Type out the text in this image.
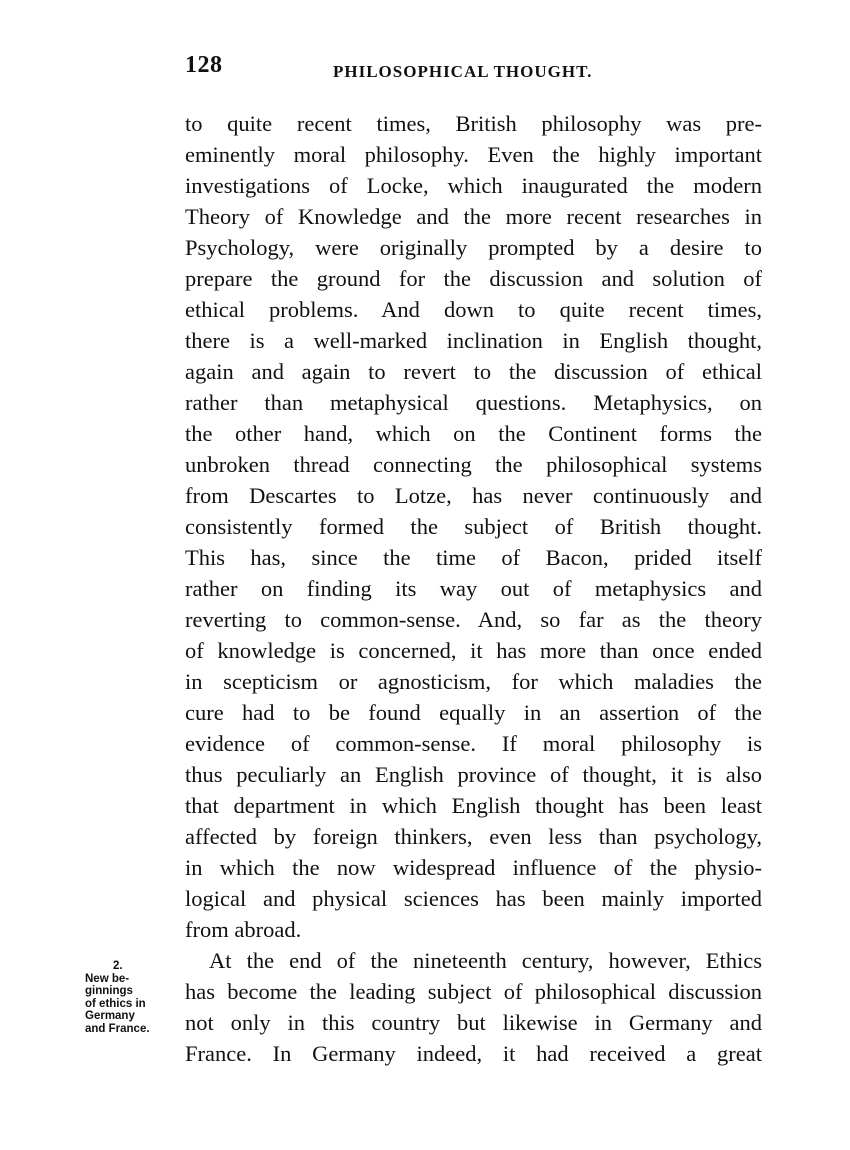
128	PHILOSOPHICAL THOUGHT.
to quite recent times, British philosophy was pre-
eminently moral philosophy. Even the highly important
investigations of Locke, which inaugurated the modern
Theory of Knowledge and the more recent researches in
Psychology, were originally prompted by a desire to
prepare the ground for the discussion and solution of
ethical problems. And down to quite recent times,
there is a well-marked inclination in English thought,
again and again to revert to the discussion of ethical
rather than metaphysical questions. Metaphysics, on
the other hand, which on the Continent forms the
unbroken thread connecting the philosophical systems
from Descartes to Lotze, has never continuously and
consistently formed the subject of British thought.
This has, since the time of Bacon, prided itself
rather on finding its way out of metaphysics and
reverting to common-sense. And, so far as the theory
of knowledge is concerned, it has more than once ended
in scepticism or agnosticism, for which maladies the
cure had to be found equally in an assertion of the
evidence of common-sense. If moral philosophy is
thus peculiarly an English province of thought, it is also
that department in which English thought has been least
affected by foreign thinkers, even less than psychology,
in which the now widespread influence of the physio-
logical and physical sciences has been mainly imported
from abroad.
At the end of the nineteenth century, however, Ethics
has become the leading subject of philosophical discussion
not only in this country but likewise in Germany and
France. In Germany indeed, it had received a great
2.
New be-
ginnings
of ethics in
Germany
and France.
